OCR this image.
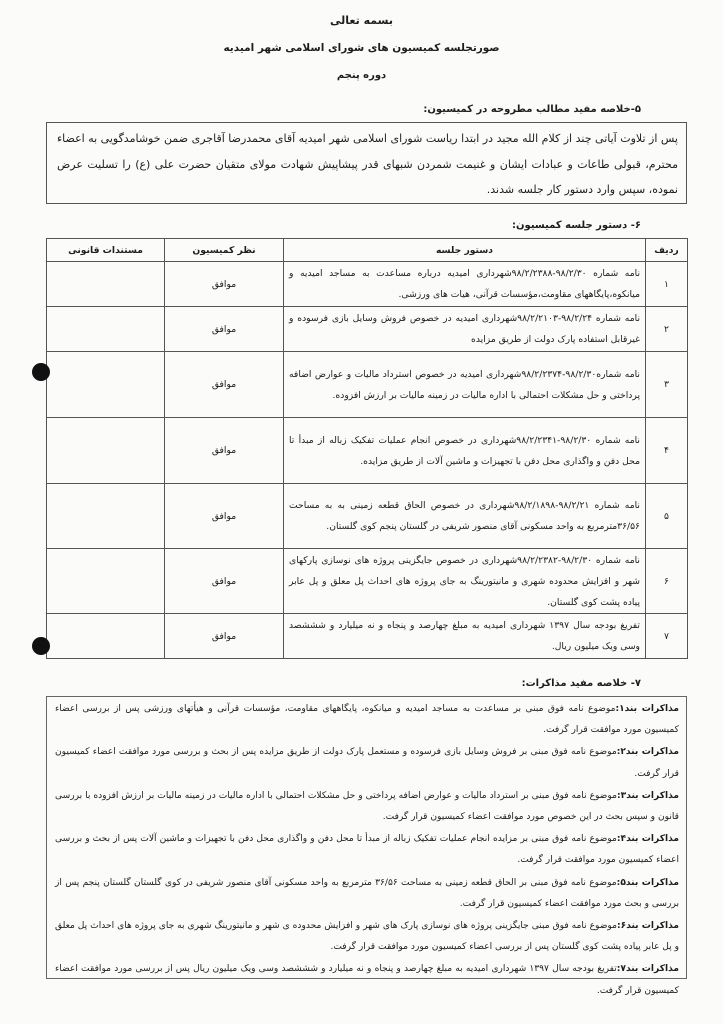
بسمه تعالی
صورتجلسه کمیسیون های شورای اسلامی شهر امیدیه
دوره پنجم
۵-خلاصه مفید مطالب مطروحه در کمیسیون:
پس از تلاوت آیاتی چند از کلام الله مجید در ابتدا ریاست شورای اسلامی شهر امیدیه آقای محمدرضا آقاجری ضمن خوشامدگویی به اعضاء محترم، قبولی طاعات و عبادات ایشان و غنیمت شمردن شبهای قدر پیشاپیش شهادت مولای متقیان حضرت علی (ع) را تسلیت عرض نموده، سپس وارد دستور کار جلسه شدند.
۶- دستور جلسه کمیسیون:
ردیف	دستور جلسه	نظر کمیسیون	مستندات قانونی
۱	نامه شماره ۹۸/۲/۳۰-۹۸/۲/۲۳۸۸شهرداری امیدیه درباره مساعدت به مساجد امیدیه و میانکوه،پایگاههای مقاومت،مؤسسات قرآنی، هیات های ورزشی.	موافق	
۲	نامه شماره ۹۸/۲/۲۴-۹۸/۲/۲۱۰۳شهرداری امیدیه در خصوص فروش وسایل بازی فرسوده و غیرقابل استفاده پارک دولت از طریق مزایده	موافق	
۳	نامه شماره۹۸/۲/۳۰-۹۸/۲/۲۳۷۴شهرداری امیدیه در خصوص استرداد مالیات و عوارض اضافه پرداختی و حل مشکلات احتمالی با اداره مالیات در زمینه مالیات بر ارزش افزوده.	موافق	
۴	نامه شماره ۹۸/۲/۳۰-۹۸/۲/۲۳۴۱شهرداری در خصوص انجام عملیات تفکیک زباله از مبدأ تا محل دفن و واگذاری محل دفن با تجهیزات و ماشین آلات از طریق مزایده.	موافق	
۵	نامه شماره ۹۸/۲/۲۱-۹۸/۲/۱۸۹۸شهرداری در خصوص الحاق قطعه زمینی به به مساحت ۳۶/۵۶مترمربع به واحد مسکونی آقای منصور شریفی در گلستان پنجم کوی گلستان.	موافق	
۶	نامه شماره ۹۸/۲/۳۰-۹۸/۲/۲۳۸۲شهرداری در خصوص جایگزینی پروژه های نوسازی پارکهای شهر و افزایش محدوده شهری و مانیتورینگ به جای پروژه های احداث پل معلق و پل عابر پیاده پشت کوی گلستان.	موافق	
۷	تفریغ بودجه سال ۱۳۹۷ شهرداری امیدیه به مبلغ چهارصد و پنجاه و نه میلیارد و شششصد وسی ویک میلیون ریال.	موافق	
۷- خلاصه مفید مذاکرات:

مذاکرات بند۱:موضوع نامه فوق مبنی بر مساعدت به مساجد امیدیه و میانکوه، پایگاههای مقاومت، مؤسسات قرآنی و هیأتهای ورزشی پس از بررسی اعضاء کمیسیون مورد موافقت قرار گرفت.

مذاکرات بند۲:موضوع نامه فوق مبنی بر فروش وسایل بازی فرسوده و مستعمل پارک دولت از طریق مزایده پس از بحث و بررسی مورد موافقت اعضاء کمیسیون قرار گرفت.

مذاکرات بند۳:موضوع نامه فوق مبنی بر استرداد مالیات و عوارض اضافه پرداختی و حل مشکلات احتمالی با اداره مالیات در زمینه مالیات بر ارزش افزوده با بررسی قانون و سپس بحث در این خصوص مورد موافقت اعضاء کمیسیون قرار گرفت.

مذاکرات بند۴:موضوع نامه فوق مبنی بر مزایده انجام عملیات تفکیک زباله از مبدأ تا محل دفن و واگذاری محل دفن با تجهیزات و ماشین آلات پس از بحث و بررسی اعضاء کمیسیون مورد موافقت قرار گرفت.

مذاکرات بند۵:موضوع نامه فوق مبنی بر الحاق قطعه زمینی به مساحت ۳۶/۵۶ مترمربع به واحد مسکونی آقای منصور شریفی در کوی گلستان گلستان پنجم پس از بررسی و بحث مورد موافقت اعضاء کمیسیون قرار گرفت.

مذاکرات بند۶:موضوع نامه فوق مبنی جایگزینی پروژه های نوسازی پارک های شهر و افزایش محدوده ی شهر و مانیتورینگ شهری به جای پروژه های احداث پل معلق و پل عابر پیاده پشت کوی گلستان پس از بررسی اعضاء کمیسیون مورد موافقت قرار گرفت.

مذاکرات بند۷:تفریغ بودجه سال ۱۳۹۷ شهرداری امیدیه به مبلغ چهارصد و پنجاه و نه میلیارد و شششصد وسی ویک میلیون ریال پس از بررسی مورد موافقت اعضاء کمیسیون قرار گرفت.
